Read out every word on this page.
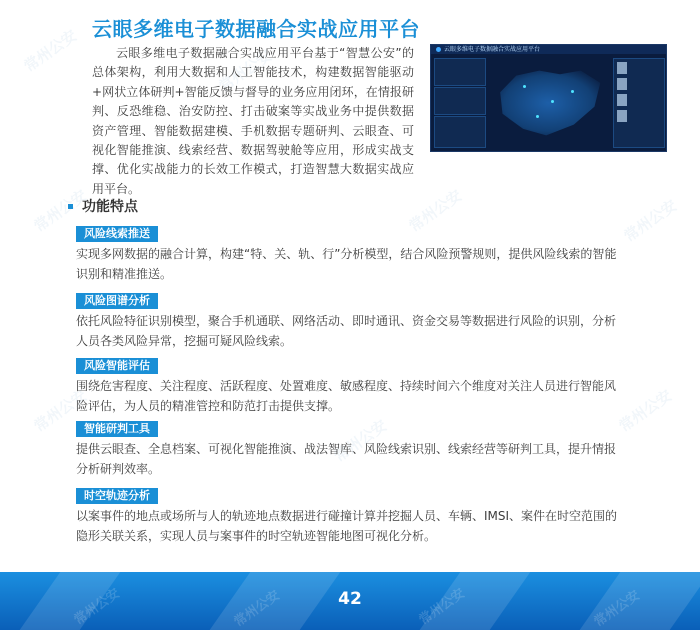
常州公安	常州公安
常州公安	常州公安	常州公安
常州公安
常州公安
常州公安
云眼多维电子数据融合实战应用平台
云眼多维电子数据融合实战应用平台基于“智慧公安”的总体架构，利用大数据和人工智能技术，构建数据智能驱动+网状立体研判+智能反馈与督导的业务应用闭环，在情报研判、反恐维稳、治安防控、打击破案等实战业务中提供数据资产管理、智能数据建模、手机数据专题研判、云眼查、可视化智能推演、线索经营、数据驾驶舱等应用，形成实战支撑、优化实战能力的长效工作模式，打造智慧大数据实战应用平台。
云眼多维电子数据融合实战应用平台
功能特点
风险线索推送
实现多网数据的融合计算，构建“特、关、轨、行”分析模型，结合风险预警规则，提供风险线索的智能识别和精准推送。
风险图谱分析
依托风险特征识别模型，聚合手机通联、网络活动、即时通讯、资金交易等数据进行风险的识别，分析人员各类风险异常，挖掘可疑风险线索。
风险智能评估
围绕危害程度、关注程度、活跃程度、处置难度、敏感程度、持续时间六个维度对关注人员进行智能风险评估，为人员的精准管控和防范打击提供支撑。
智能研判工具
提供云眼查、全息档案、可视化智能推演、战法智库、风险线索识别、线索经营等研判工具，提升情报分析研判效率。
时空轨迹分析
以案事件的地点或场所与人的轨迹地点数据进行碰撞计算并挖掘人员、车辆、IMSI、案件在时空范围的隐形关联关系，实现人员与案事件的时空轨迹智能地图可视化分析。
常州公安	常州公安	常州公安	常州公安
42
